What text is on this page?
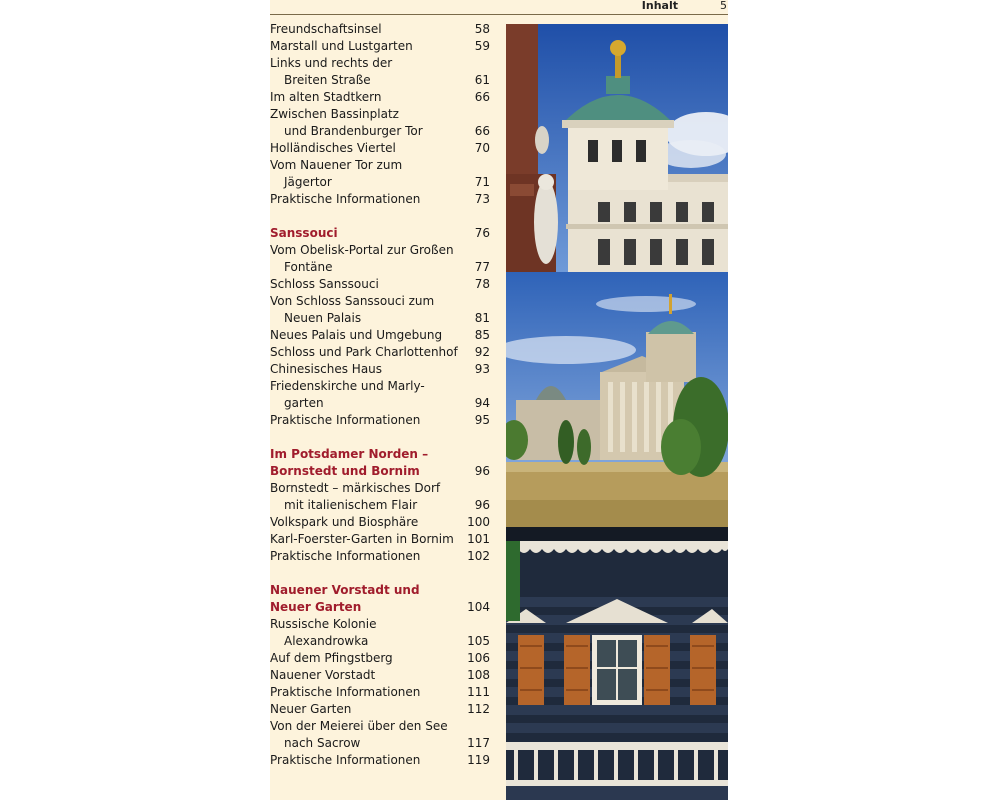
Inhalt	5
Freundschaftsinsel	58
Marstall und Lustgarten	59
Links und rechts der
Breiten Straße	61
Im alten Stadtkern	66
Zwischen Bassinplatz
und Brandenburger Tor	66
Holländisches Viertel	70
Vom Nauener Tor zum
Jägertor	71
Praktische Informationen	73
Sanssouci	76
Vom Obelisk-Portal zur Großen
Fontäne	77
Schloss Sanssouci	78
Von Schloss Sanssouci zum
Neuen Palais	81
Neues Palais und Umgebung	85
Schloss und Park Charlottenhof	92
Chinesisches Haus	93
Friedenskirche und Marly-
garten	94
Praktische Informationen	95
Im Potsdamer Norden –
Bornstedt und Bornim	96
Bornstedt – märkisches Dorf
mit italienischem Flair	96
Volkspark und Biosphäre	100
Karl-Foerster-Garten in Bornim	101
Praktische Informationen	102
Nauener Vorstadt und
Neuer Garten	104
Russische Kolonie
Alexandrowka	105
Auf dem Pfingstberg	106
Nauener Vorstadt	108
Praktische Informationen	111
Neuer Garten	112
Von der Meierei über den See
nach Sacrow	117
Praktische Informationen	119
